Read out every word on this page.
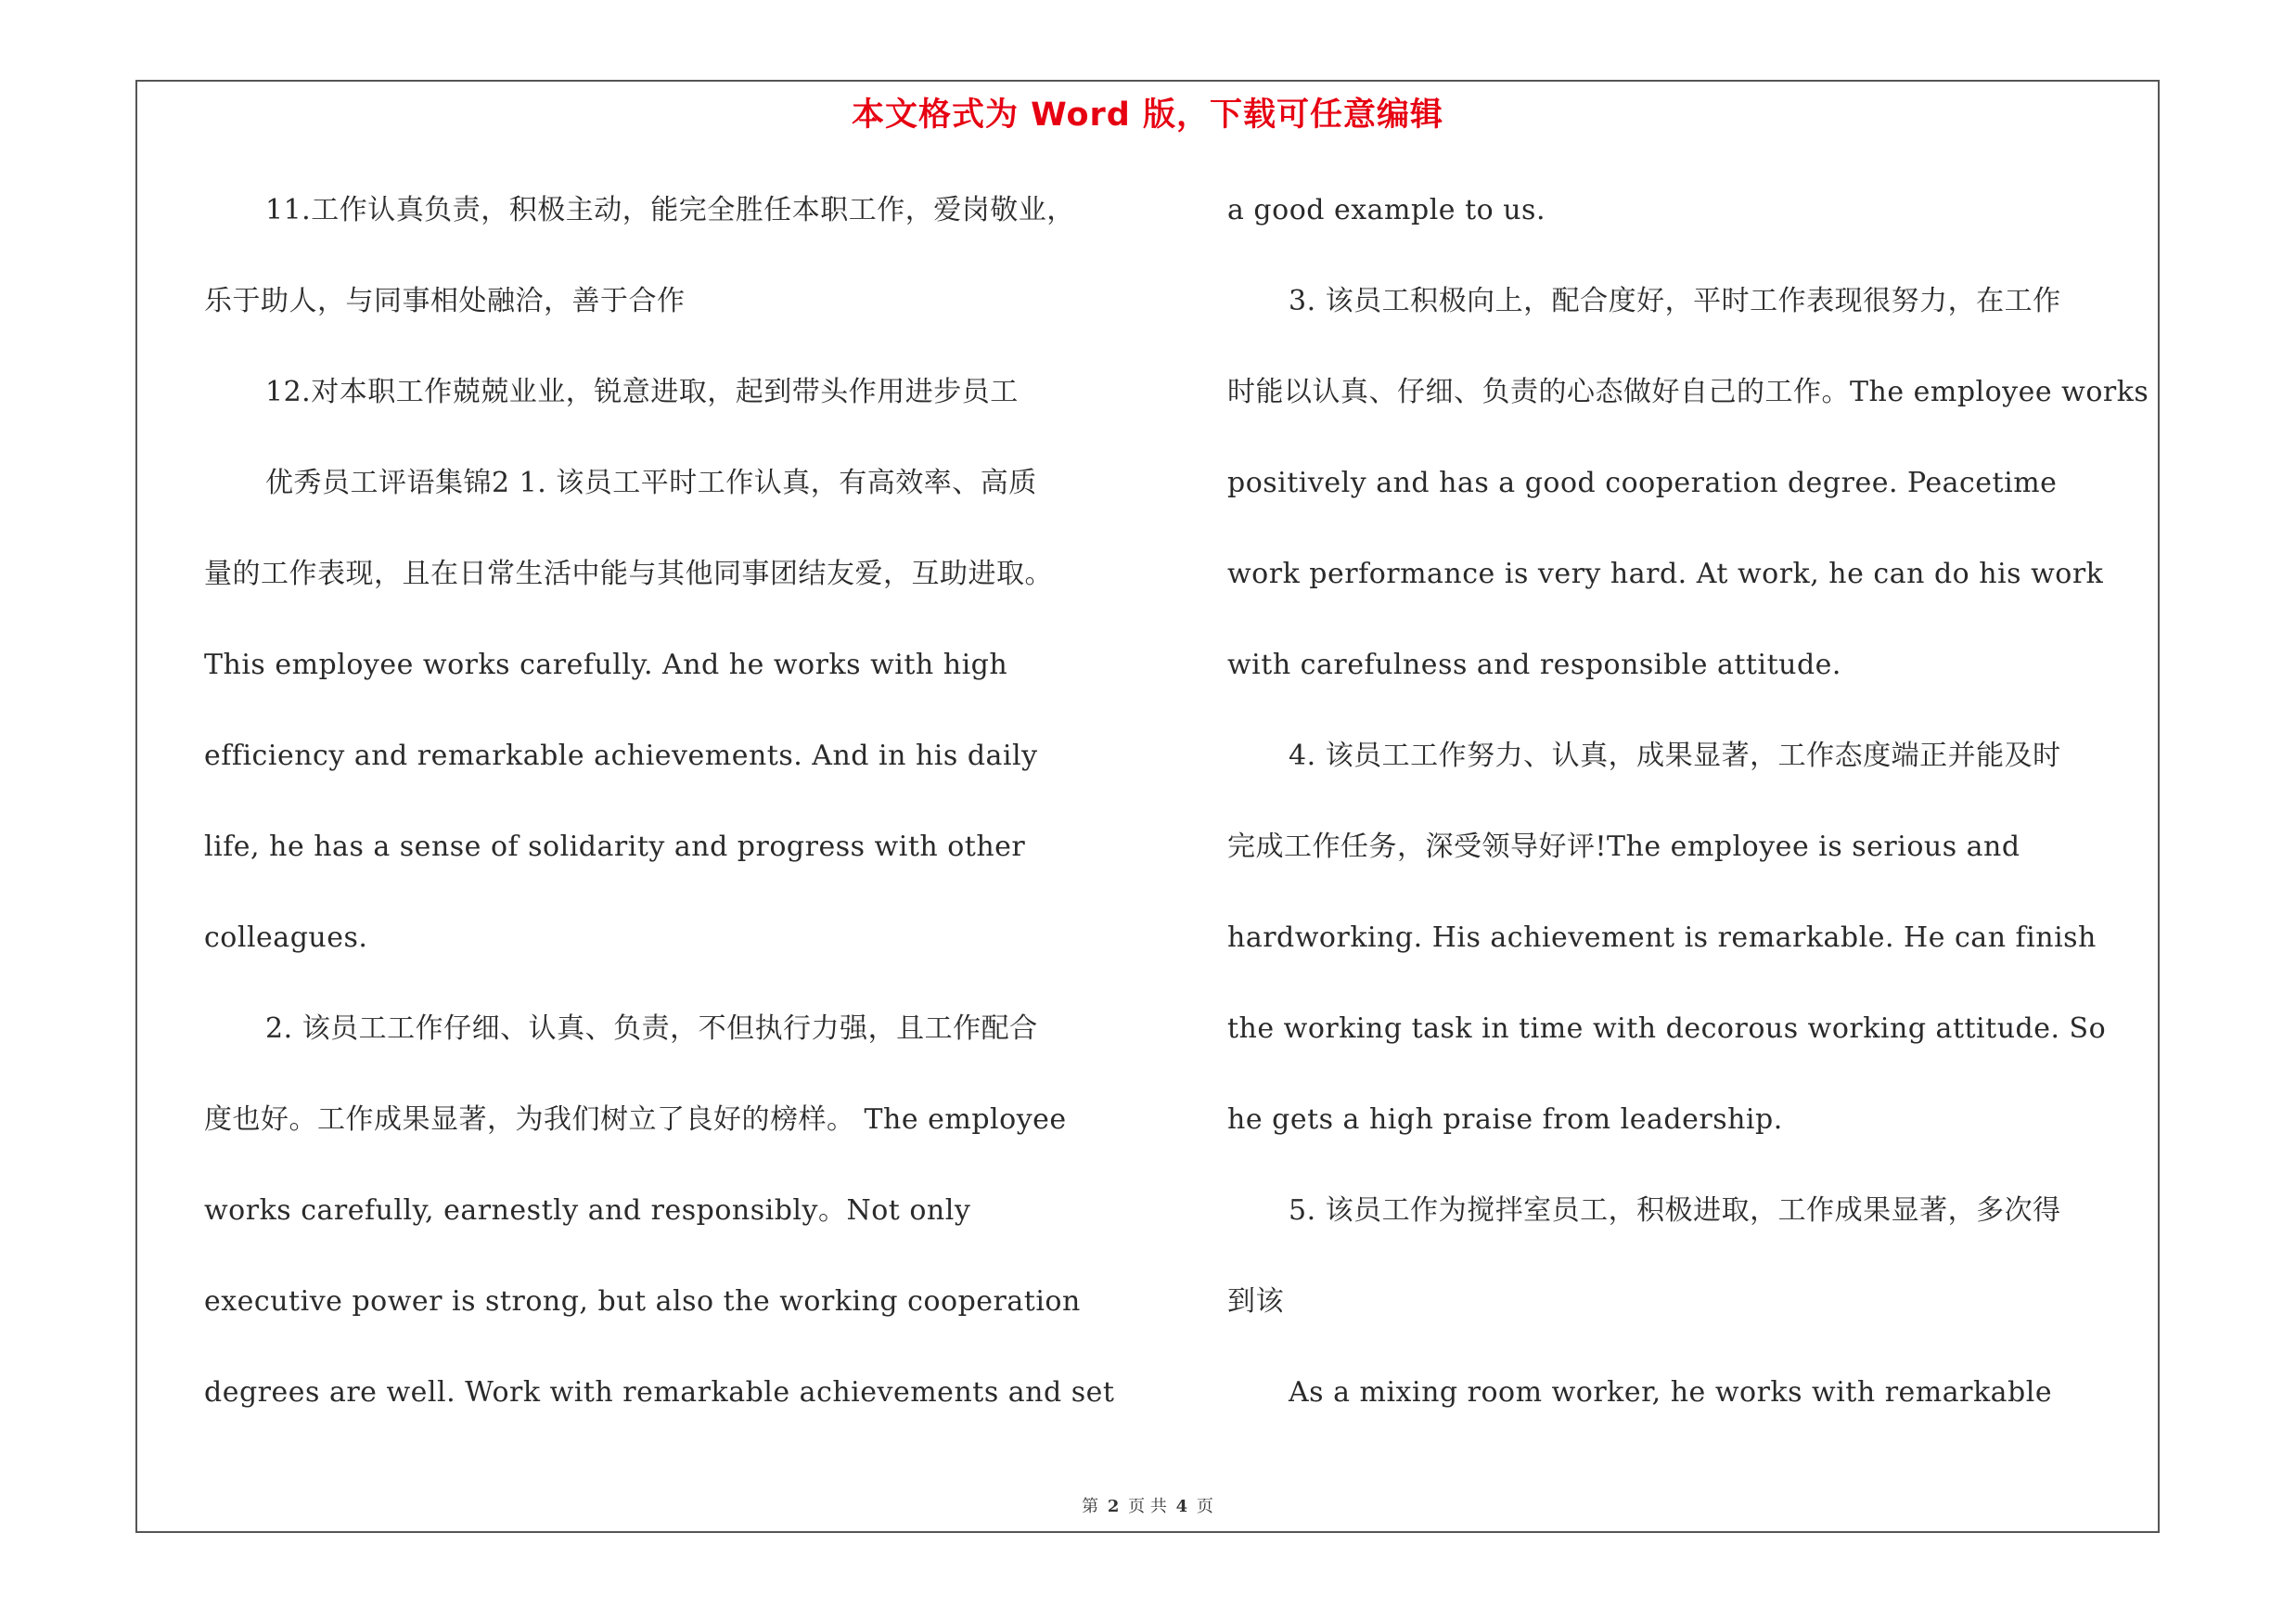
本文格式为 Word 版，下载可任意编辑
11.工作认真负责，积极主动，能完全胜任本职工作，爱岗敬业，
乐于助人，与同事相处融洽，善于合作
12.对本职工作兢兢业业，锐意进取，起到带头作用进步员工
优秀员工评语集锦2 1. 该员工平时工作认真，有高效率、高质
量的工作表现，且在日常生活中能与其他同事团结友爱，互助进取。
This employee works carefully. And he works with high
efficiency and remarkable achievements. And in his daily
life, he has a sense of solidarity and progress with other
colleagues.
2. 该员工工作仔细、认真、负责，不但执行力强，且工作配合
度也好。工作成果显著，为我们树立了良好的榜样。 The employee
works carefully, earnestly and responsibly。Not only
executive power is strong, but also the working cooperation
degrees are well. Work with remarkable achievements and set
a good example to us.
3. 该员工积极向上，配合度好，平时工作表现很努力，在工作
时能以认真、仔细、负责的心态做好自己的工作。The employee works
positively and has a good cooperation degree. Peacetime
work performance is very hard. At work, he can do his work
with carefulness and responsible attitude.
4. 该员工工作努力、认真，成果显著，工作态度端正并能及时
完成工作任务，深受领导好评!The employee is serious and
hardworking. His achievement is remarkable. He can finish
the working task in time with decorous working attitude. So
he gets a high praise from leadership.
5. 该员工作为搅拌室员工，积极进取，工作成果显著，多次得
到该
As a mixing room worker, he works with remarkable
第 2 页 共 4 页
